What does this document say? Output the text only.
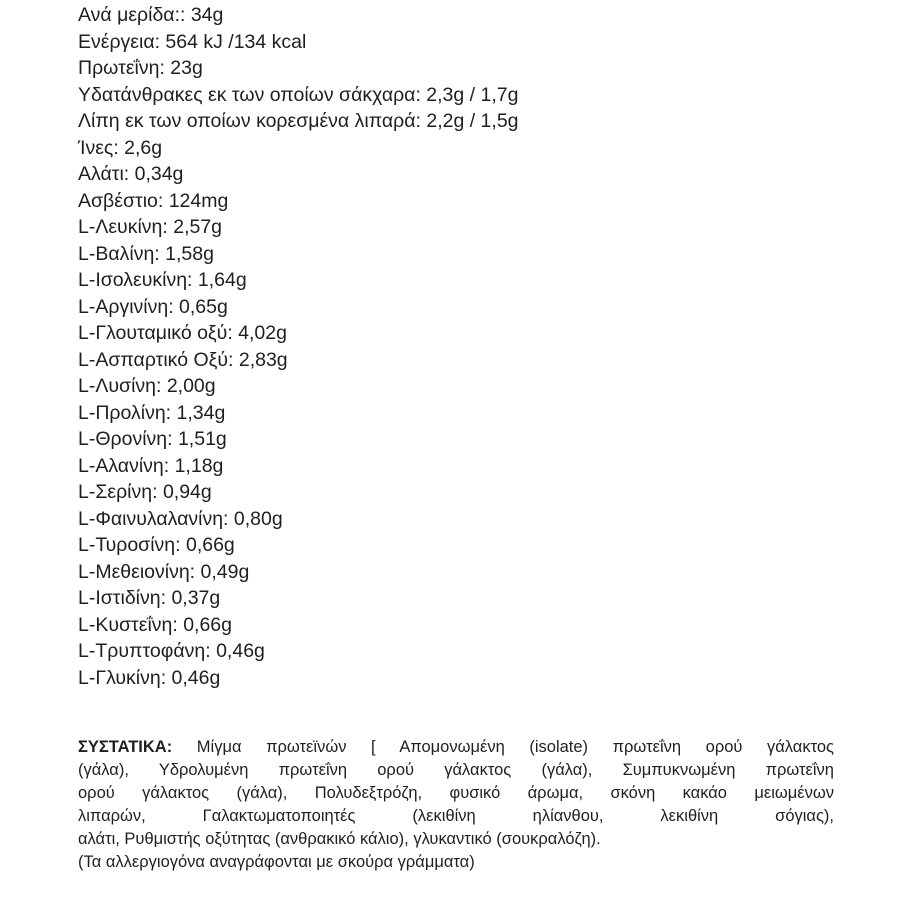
Ανά μερίδα:: 34g
Ενέργεια: 564 kJ /134 kcal
Πρωτεΐνη: 23g
Υδατάνθρακες εκ των οποίων σάκχαρα: 2,3g / 1,7g
Λίπη εκ των οποίων κορεσμένα λιπαρά: 2,2g / 1,5g
Ίνες: 2,6g
Αλάτι: 0,34g
Ασβέστιο: 124mg
L-Λευκίνη: 2,57g
L-Βαλίνη: 1,58g
L-Ισολευκίνη: 1,64g
L-Αργινίνη: 0,65g
L-Γλουταμικό οξύ: 4,02g
L-Ασπαρτικό Οξύ: 2,83g
L-Λυσίνη: 2,00g
L-Προλίνη: 1,34g
L-Θρονίνη: 1,51g
L-Αλανίνη: 1,18g
L-Σερίνη: 0,94g
L-Φαινυλαλανίνη: 0,80g
L-Τυροσίνη: 0,66g
L-Μεθειονίνη: 0,49g
L-Ιστιδίνη: 0,37g
L-Κυστεΐνη: 0,66g
L-Τρυπτοφάνη: 0,46g
L-Γλυκίνη: 0,46g
ΣΥΣΤΑΤΙΚΑ: Μίγμα πρωτεϊνών [ Απομονωμένη (isolate) πρωτεΐνη ορού γάλακτος
(γάλα), Υδρολυμένη πρωτεΐνη ορού γάλακτος (γάλα), Συμπυκνωμένη πρωτεΐνη
ορού γάλακτος (γάλα), Πολυδεξτρόζη, φυσικό άρωμα, σκόνη κακάο μειωμένων
λιπαρών, Γαλακτωματοποιητές (λεκιθίνη ηλίανθου, λεκιθίνη σόγιας),
αλάτι, Ρυθμιστής οξύτητας (ανθρακικό κάλιο), γλυκαντικό (σουκραλόζη).
(Τα αλλεργιογόνα αναγράφονται με σκούρα γράμματα)
